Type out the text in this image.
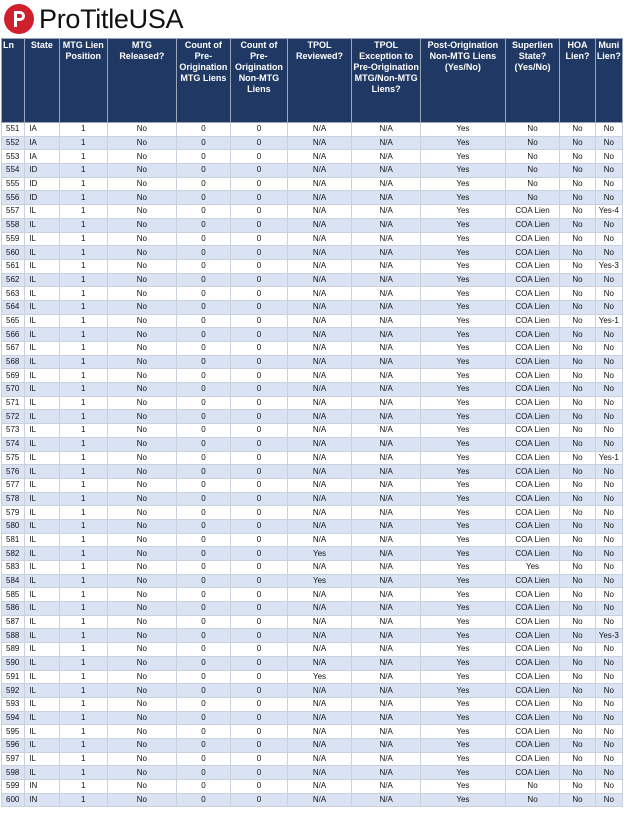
ProTitleUSA
Ln	State	MTG Lien Position	MTG Released?	Count of Pre-Origination MTG Liens	Count of Pre-Origination Non-MTG Liens	TPOL Reviewed?	TPOL Exception to Pre-Origination MTG/Non-MTG Liens?	Post-Origination Non-MTG Liens (Yes/No)	Superlien State? (Yes/No)	HOA Lien?	Muni Lien?
551	IA	1	No	0	0	N/A	N/A	Yes	No	No	No
552	IA	1	No	0	0	N/A	N/A	Yes	No	No	No
553	IA	1	No	0	0	N/A	N/A	Yes	No	No	No
554	ID	1	No	0	0	N/A	N/A	Yes	No	No	No
555	ID	1	No	0	0	N/A	N/A	Yes	No	No	No
556	ID	1	No	0	0	N/A	N/A	Yes	No	No	No
557	IL	1	No	0	0	N/A	N/A	Yes	COA Lien	No	Yes-4
558	IL	1	No	0	0	N/A	N/A	Yes	COA Lien	No	No
559	IL	1	No	0	0	N/A	N/A	Yes	COA Lien	No	No
560	IL	1	No	0	0	N/A	N/A	Yes	COA Lien	No	No
561	IL	1	No	0	0	N/A	N/A	Yes	COA Lien	No	Yes-3
562	IL	1	No	0	0	N/A	N/A	Yes	COA Lien	No	No
563	IL	1	No	0	0	N/A	N/A	Yes	COA Lien	No	No
564	IL	1	No	0	0	N/A	N/A	Yes	COA Lien	No	No
565	IL	1	No	0	0	N/A	N/A	Yes	COA Lien	No	Yes-1
566	IL	1	No	0	0	N/A	N/A	Yes	COA Lien	No	No
567	IL	1	No	0	0	N/A	N/A	Yes	COA Lien	No	No
568	IL	1	No	0	0	N/A	N/A	Yes	COA Lien	No	No
569	IL	1	No	0	0	N/A	N/A	Yes	COA Lien	No	No
570	IL	1	No	0	0	N/A	N/A	Yes	COA Lien	No	No
571	IL	1	No	0	0	N/A	N/A	Yes	COA Lien	No	No
572	IL	1	No	0	0	N/A	N/A	Yes	COA Lien	No	No
573	IL	1	No	0	0	N/A	N/A	Yes	COA Lien	No	No
574	IL	1	No	0	0	N/A	N/A	Yes	COA Lien	No	No
575	IL	1	No	0	0	N/A	N/A	Yes	COA Lien	No	Yes-1
576	IL	1	No	0	0	N/A	N/A	Yes	COA Lien	No	No
577	IL	1	No	0	0	N/A	N/A	Yes	COA Lien	No	No
578	IL	1	No	0	0	N/A	N/A	Yes	COA Lien	No	No
579	IL	1	No	0	0	N/A	N/A	Yes	COA Lien	No	No
580	IL	1	No	0	0	N/A	N/A	Yes	COA Lien	No	No
581	IL	1	No	0	0	N/A	N/A	Yes	COA Lien	No	No
582	IL	1	No	0	0	Yes	N/A	Yes	COA Lien	No	No
583	IL	1	No	0	0	N/A	N/A	Yes	Yes	No	No
584	IL	1	No	0	0	Yes	N/A	Yes	COA Lien	No	No
585	IL	1	No	0	0	N/A	N/A	Yes	COA Lien	No	No
586	IL	1	No	0	0	N/A	N/A	Yes	COA Lien	No	No
587	IL	1	No	0	0	N/A	N/A	Yes	COA Lien	No	No
588	IL	1	No	0	0	N/A	N/A	Yes	COA Lien	No	Yes-3
589	IL	1	No	0	0	N/A	N/A	Yes	COA Lien	No	No
590	IL	1	No	0	0	N/A	N/A	Yes	COA Lien	No	No
591	IL	1	No	0	0	Yes	N/A	Yes	COA Lien	No	No
592	IL	1	No	0	0	N/A	N/A	Yes	COA Lien	No	No
593	IL	1	No	0	0	N/A	N/A	Yes	COA Lien	No	No
594	IL	1	No	0	0	N/A	N/A	Yes	COA Lien	No	No
595	IL	1	No	0	0	N/A	N/A	Yes	COA Lien	No	No
596	IL	1	No	0	0	N/A	N/A	Yes	COA Lien	No	No
597	IL	1	No	0	0	N/A	N/A	Yes	COA Lien	No	No
598	IL	1	No	0	0	N/A	N/A	Yes	COA Lien	No	No
599	IN	1	No	0	0	N/A	N/A	Yes	No	No	No
600	IN	1	No	0	0	N/A	N/A	Yes	No	No	No
